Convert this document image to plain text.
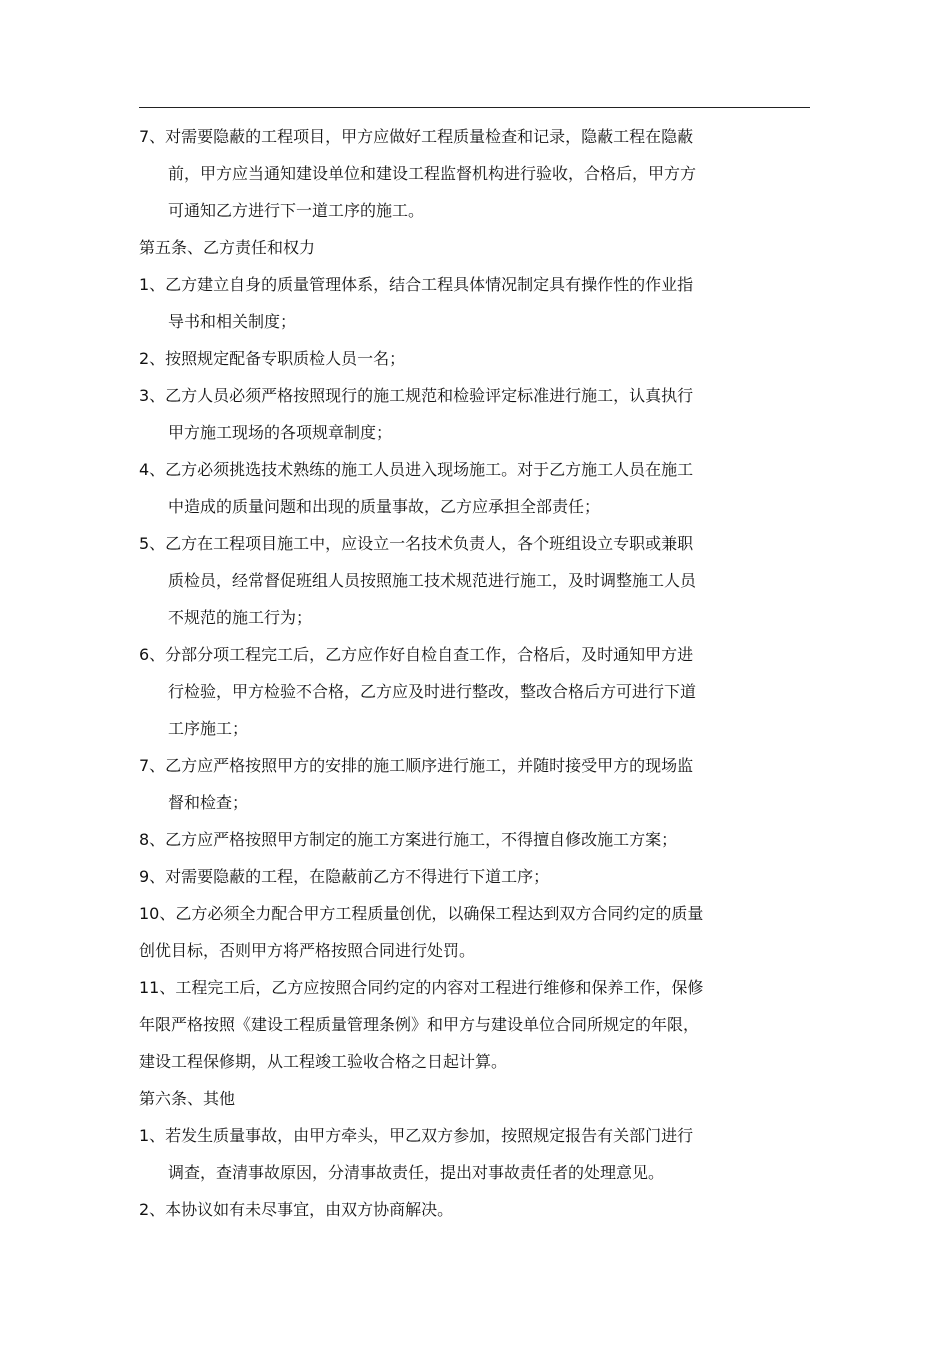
7、对需要隐蔽的工程项目，甲方应做好工程质量检查和记录，隐蔽工程在隐蔽
前，甲方应当通知建设单位和建设工程监督机构进行验收，合格后，甲方方
可通知乙方进行下一道工序的施工。
第五条、乙方责任和权力
1、乙方建立自身的质量管理体系，结合工程具体情况制定具有操作性的作业指
导书和相关制度；
2、按照规定配备专职质检人员一名；
3、乙方人员必须严格按照现行的施工规范和检验评定标准进行施工，认真执行
甲方施工现场的各项规章制度；
4、乙方必须挑选技术熟练的施工人员进入现场施工。对于乙方施工人员在施工
中造成的质量问题和出现的质量事故，乙方应承担全部责任；
5、乙方在工程项目施工中，应设立一名技术负责人，各个班组设立专职或兼职
质检员，经常督促班组人员按照施工技术规范进行施工，及时调整施工人员
不规范的施工行为；
6、分部分项工程完工后，乙方应作好自检自查工作，合格后，及时通知甲方进
行检验，甲方检验不合格，乙方应及时进行整改，整改合格后方可进行下道
工序施工；
7、乙方应严格按照甲方的安排的施工顺序进行施工，并随时接受甲方的现场监
督和检查；
8、乙方应严格按照甲方制定的施工方案进行施工，不得擅自修改施工方案；
9、对需要隐蔽的工程，在隐蔽前乙方不得进行下道工序；
10、乙方必须全力配合甲方工程质量创优，以确保工程达到双方合同约定的质量
创优目标，否则甲方将严格按照合同进行处罚。
11、工程完工后，乙方应按照合同约定的内容对工程进行维修和保养工作，保修
年限严格按照《建设工程质量管理条例》和甲方与建设单位合同所规定的年限，
建设工程保修期，从工程竣工验收合格之日起计算。
第六条、其他
1、若发生质量事故，由甲方牵头，甲乙双方参加，按照规定报告有关部门进行
调查，查清事故原因，分清事故责任，提出对事故责任者的处理意见。
2、本协议如有未尽事宜，由双方协商解决。
